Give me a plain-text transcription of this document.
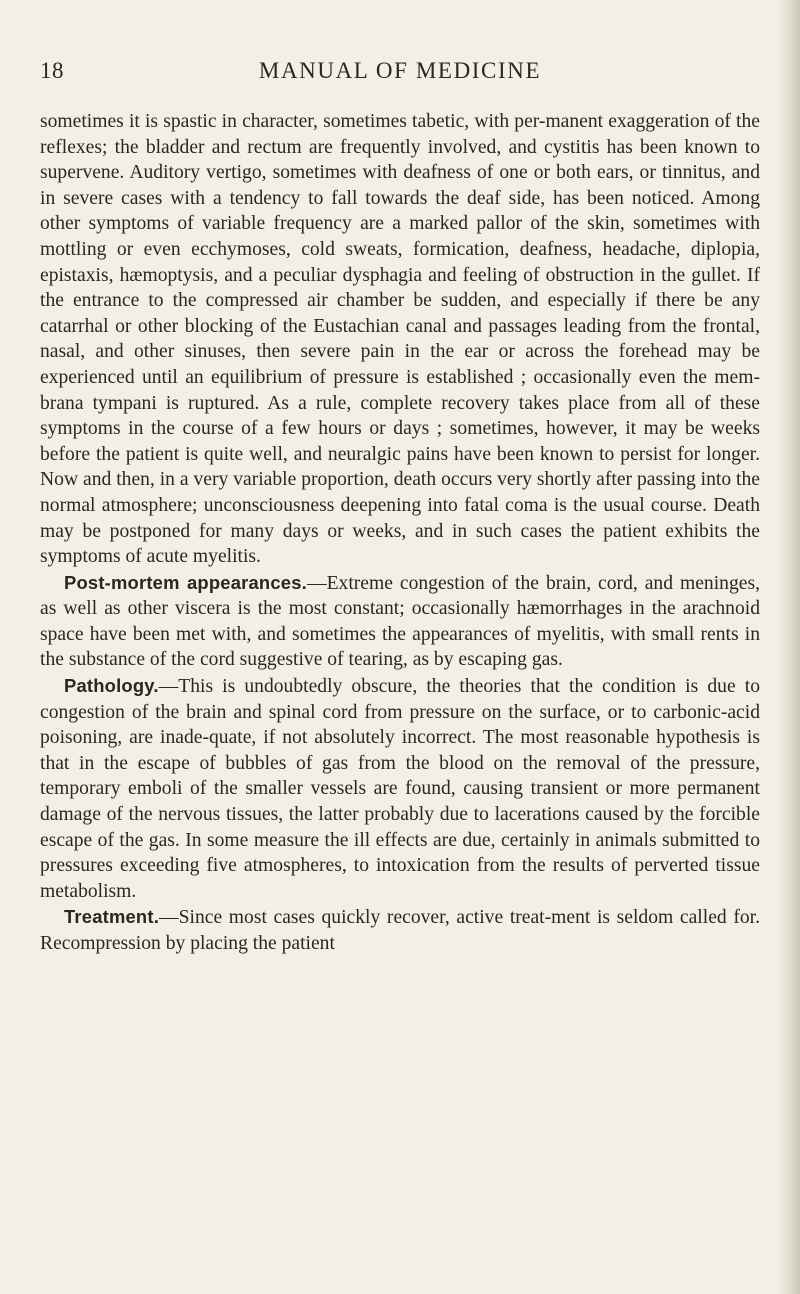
18	MANUAL OF MEDICINE

sometimes it is spastic in character, sometimes tabetic, with per-manent exaggeration of the reflexes; the bladder and rectum are frequently involved, and cystitis has been known to supervene. Auditory vertigo, sometimes with deafness of one or both ears, or tinnitus, and in severe cases with a tendency to fall towards the deaf side, has been noticed. Among other symptoms of variable frequency are a marked pallor of the skin, sometimes with mottling or even ecchymoses, cold sweats, formication, deafness, headache, diplopia, epistaxis, hæmoptysis, and a peculiar dysphagia and feeling of obstruction in the gullet. If the entrance to the compressed air chamber be sudden, and especially if there be any catarrhal or other blocking of the Eustachian canal and passages leading from the frontal, nasal, and other sinuses, then severe pain in the ear or across the forehead may be experienced until an equilibrium of pressure is established ; occasionally even the mem-brana tympani is ruptured. As a rule, complete recovery takes place from all of these symptoms in the course of a few hours or days ; sometimes, however, it may be weeks before the patient is quite well, and neuralgic pains have been known to persist for longer. Now and then, in a very variable proportion, death occurs very shortly after passing into the normal atmosphere; unconsciousness deepening into fatal coma is the usual course. Death may be postponed for many days or weeks, and in such cases the patient exhibits the symptoms of acute myelitis.

Post-mortem appearances.—Extreme congestion of the brain, cord, and meninges, as well as other viscera is the most constant; occasionally hæmorrhages in the arachnoid space have been met with, and sometimes the appearances of myelitis, with small rents in the substance of the cord suggestive of tearing, as by escaping gas.

Pathology.—This is undoubtedly obscure, the theories that the condition is due to congestion of the brain and spinal cord from pressure on the surface, or to carbonic-acid poisoning, are inade-quate, if not absolutely incorrect. The most reasonable hypothesis is that in the escape of bubbles of gas from the blood on the removal of the pressure, temporary emboli of the smaller vessels are found, causing transient or more permanent damage of the nervous tissues, the latter probably due to lacerations caused by the forcible escape of the gas. In some measure the ill effects are due, certainly in animals submitted to pressures exceeding five atmospheres, to intoxication from the results of perverted tissue metabolism.

Treatment.—Since most cases quickly recover, active treat-ment is seldom called for. Recompression by placing the patient
